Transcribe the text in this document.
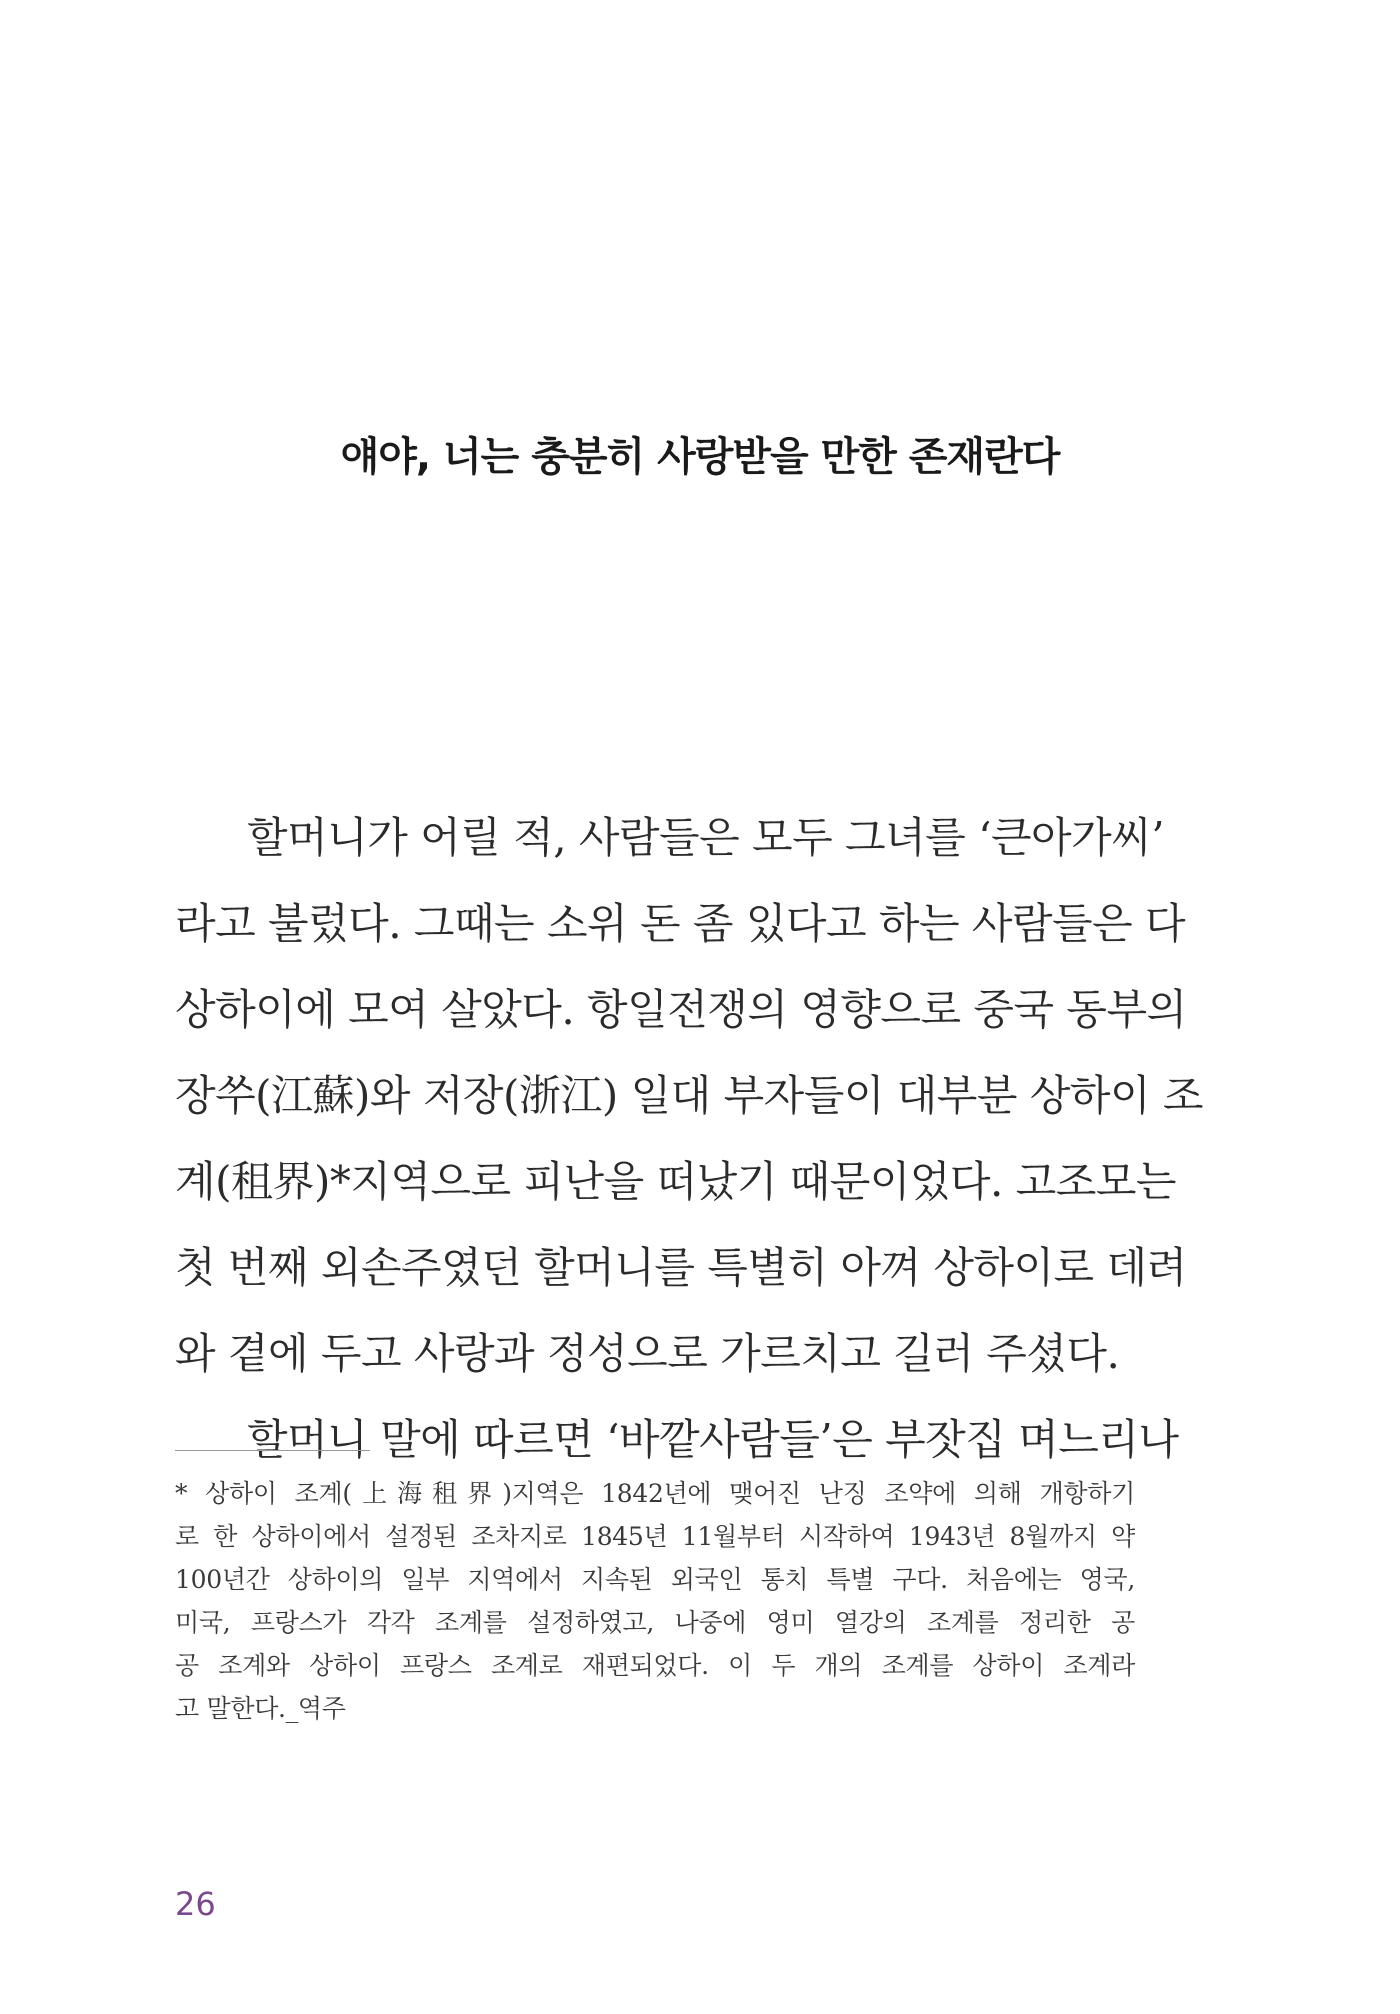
얘야, 너는 충분히 사랑받을 만한 존재란다
할머니가 어릴 적, 사람들은 모두 그녀를 ‘큰아가씨’
라고 불렀다. 그때는 소위 돈 좀 있다고 하는 사람들은 다
상하이에 모여 살았다. 항일전쟁의 영향으로 중국 동부의
장쑤(江蘇)와 저장(浙江) 일대 부자들이 대부분 상하이 조
계(租界)*지역으로 피난을 떠났기 때문이었다. 고조모는
첫 번째 외손주였던 할머니를 특별히 아껴 상하이로 데려
와 곁에 두고 사랑과 정성으로 가르치고 길러 주셨다.
할머니 말에 따르면 ‘바깥사람들’은 부잣집 며느리나
* 상하이 조계(上海租界)지역은 1842년에 맺어진 난징 조약에 의해 개항하기
로 한 상하이에서 설정된 조차지로 1845년 11월부터 시작하여 1943년 8월까지 약
100년간 상하이의 일부 지역에서 지속된 외국인 통치 특별 구다. 처음에는 영국,
미국, 프랑스가 각각 조계를 설정하였고, 나중에 영미 열강의 조계를 정리한 공
공 조계와 상하이 프랑스 조계로 재편되었다. 이 두 개의 조계를 상하이 조계라
고 말한다._역주
26
